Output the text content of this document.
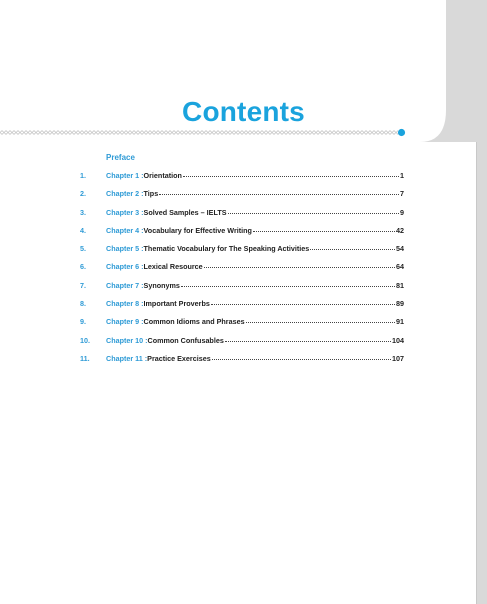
Contents
Preface
1.	Chapter 1 : Orientation	1
2.	Chapter 2 : Tips	7
3.	Chapter 3 : Solved Samples – IELTS	9
4.	Chapter 4 : Vocabulary for Effective Writing	42
5.	Chapter 5 : Thematic Vocabulary for The Speaking Activities	54
6.	Chapter 6 : Lexical Resource	64
7.	Chapter 7 : Synonyms	81
8.	Chapter 8 : Important Proverbs	89
9.	Chapter 9 : Common Idioms and Phrases	91
10. Chapter 10 : Common Confusables	104
11. Chapter 11 : Practice Exercises	107
